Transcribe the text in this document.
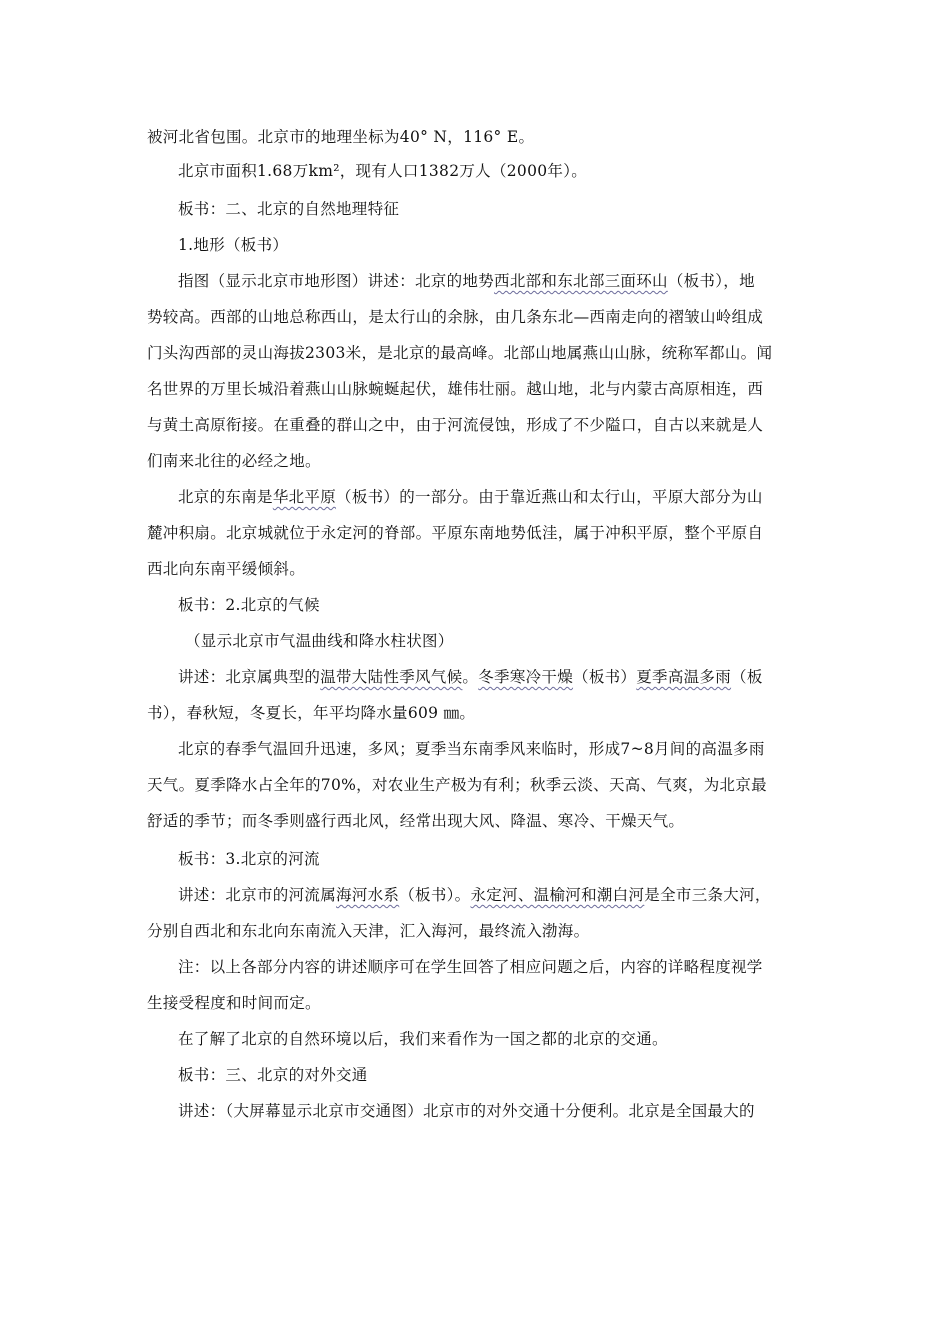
被河北省包围。北京市的地理坐标为40° N，116° E。
北京市面积1.68万km²，现有人口1382万人（2000年）。
板书：二、北京的自然地理特征
1.地形（板书）
指图（显示北京市地形图）讲述：北京的地势西北部和东北部三面环山（板书），地
势较高。西部的山地总称西山，是太行山的余脉，由几条东北—西南走向的褶皱山岭组成
门头沟西部的灵山海拔2303米，是北京的最高峰。北部山地属燕山山脉，统称军都山。闻
名世界的万里长城沿着燕山山脉蜿蜒起伏，雄伟壮丽。越山地，北与内蒙古高原相连，西
与黄土高原衔接。在重叠的群山之中，由于河流侵蚀，形成了不少隘口，自古以来就是人
们南来北往的必经之地。
北京的东南是华北平原（板书）的一部分。由于靠近燕山和太行山，平原大部分为山
麓冲积扇。北京城就位于永定河的脊部。平原东南地势低洼，属于冲积平原，整个平原自
西北向东南平缓倾斜。
板书：2.北京的气候
（显示北京市气温曲线和降水柱状图）
讲述：北京属典型的温带大陆性季风气候。冬季寒冷干燥（板书）夏季高温多雨（板
书），春秋短，冬夏长，年平均降水量609 ㎜。
北京的春季气温回升迅速，多风；夏季当东南季风来临时，形成7~8月间的高温多雨
天气。夏季降水占全年的70%，对农业生产极为有利；秋季云淡、天高、气爽，为北京最
舒适的季节；而冬季则盛行西北风，经常出现大风、降温、寒冷、干燥天气。
板书：3.北京的河流
讲述：北京市的河流属海河水系（板书）。永定河、温榆河和潮白河是全市三条大河，
分别自西北和东北向东南流入天津，汇入海河，最终流入渤海。
注：以上各部分内容的讲述顺序可在学生回答了相应问题之后，内容的详略程度视学
生接受程度和时间而定。
在了解了北京的自然环境以后，我们来看作为一国之都的北京的交通。
板书：三、北京的对外交通
讲述：（大屏幕显示北京市交通图）北京市的对外交通十分便利。北京是全国最大的
